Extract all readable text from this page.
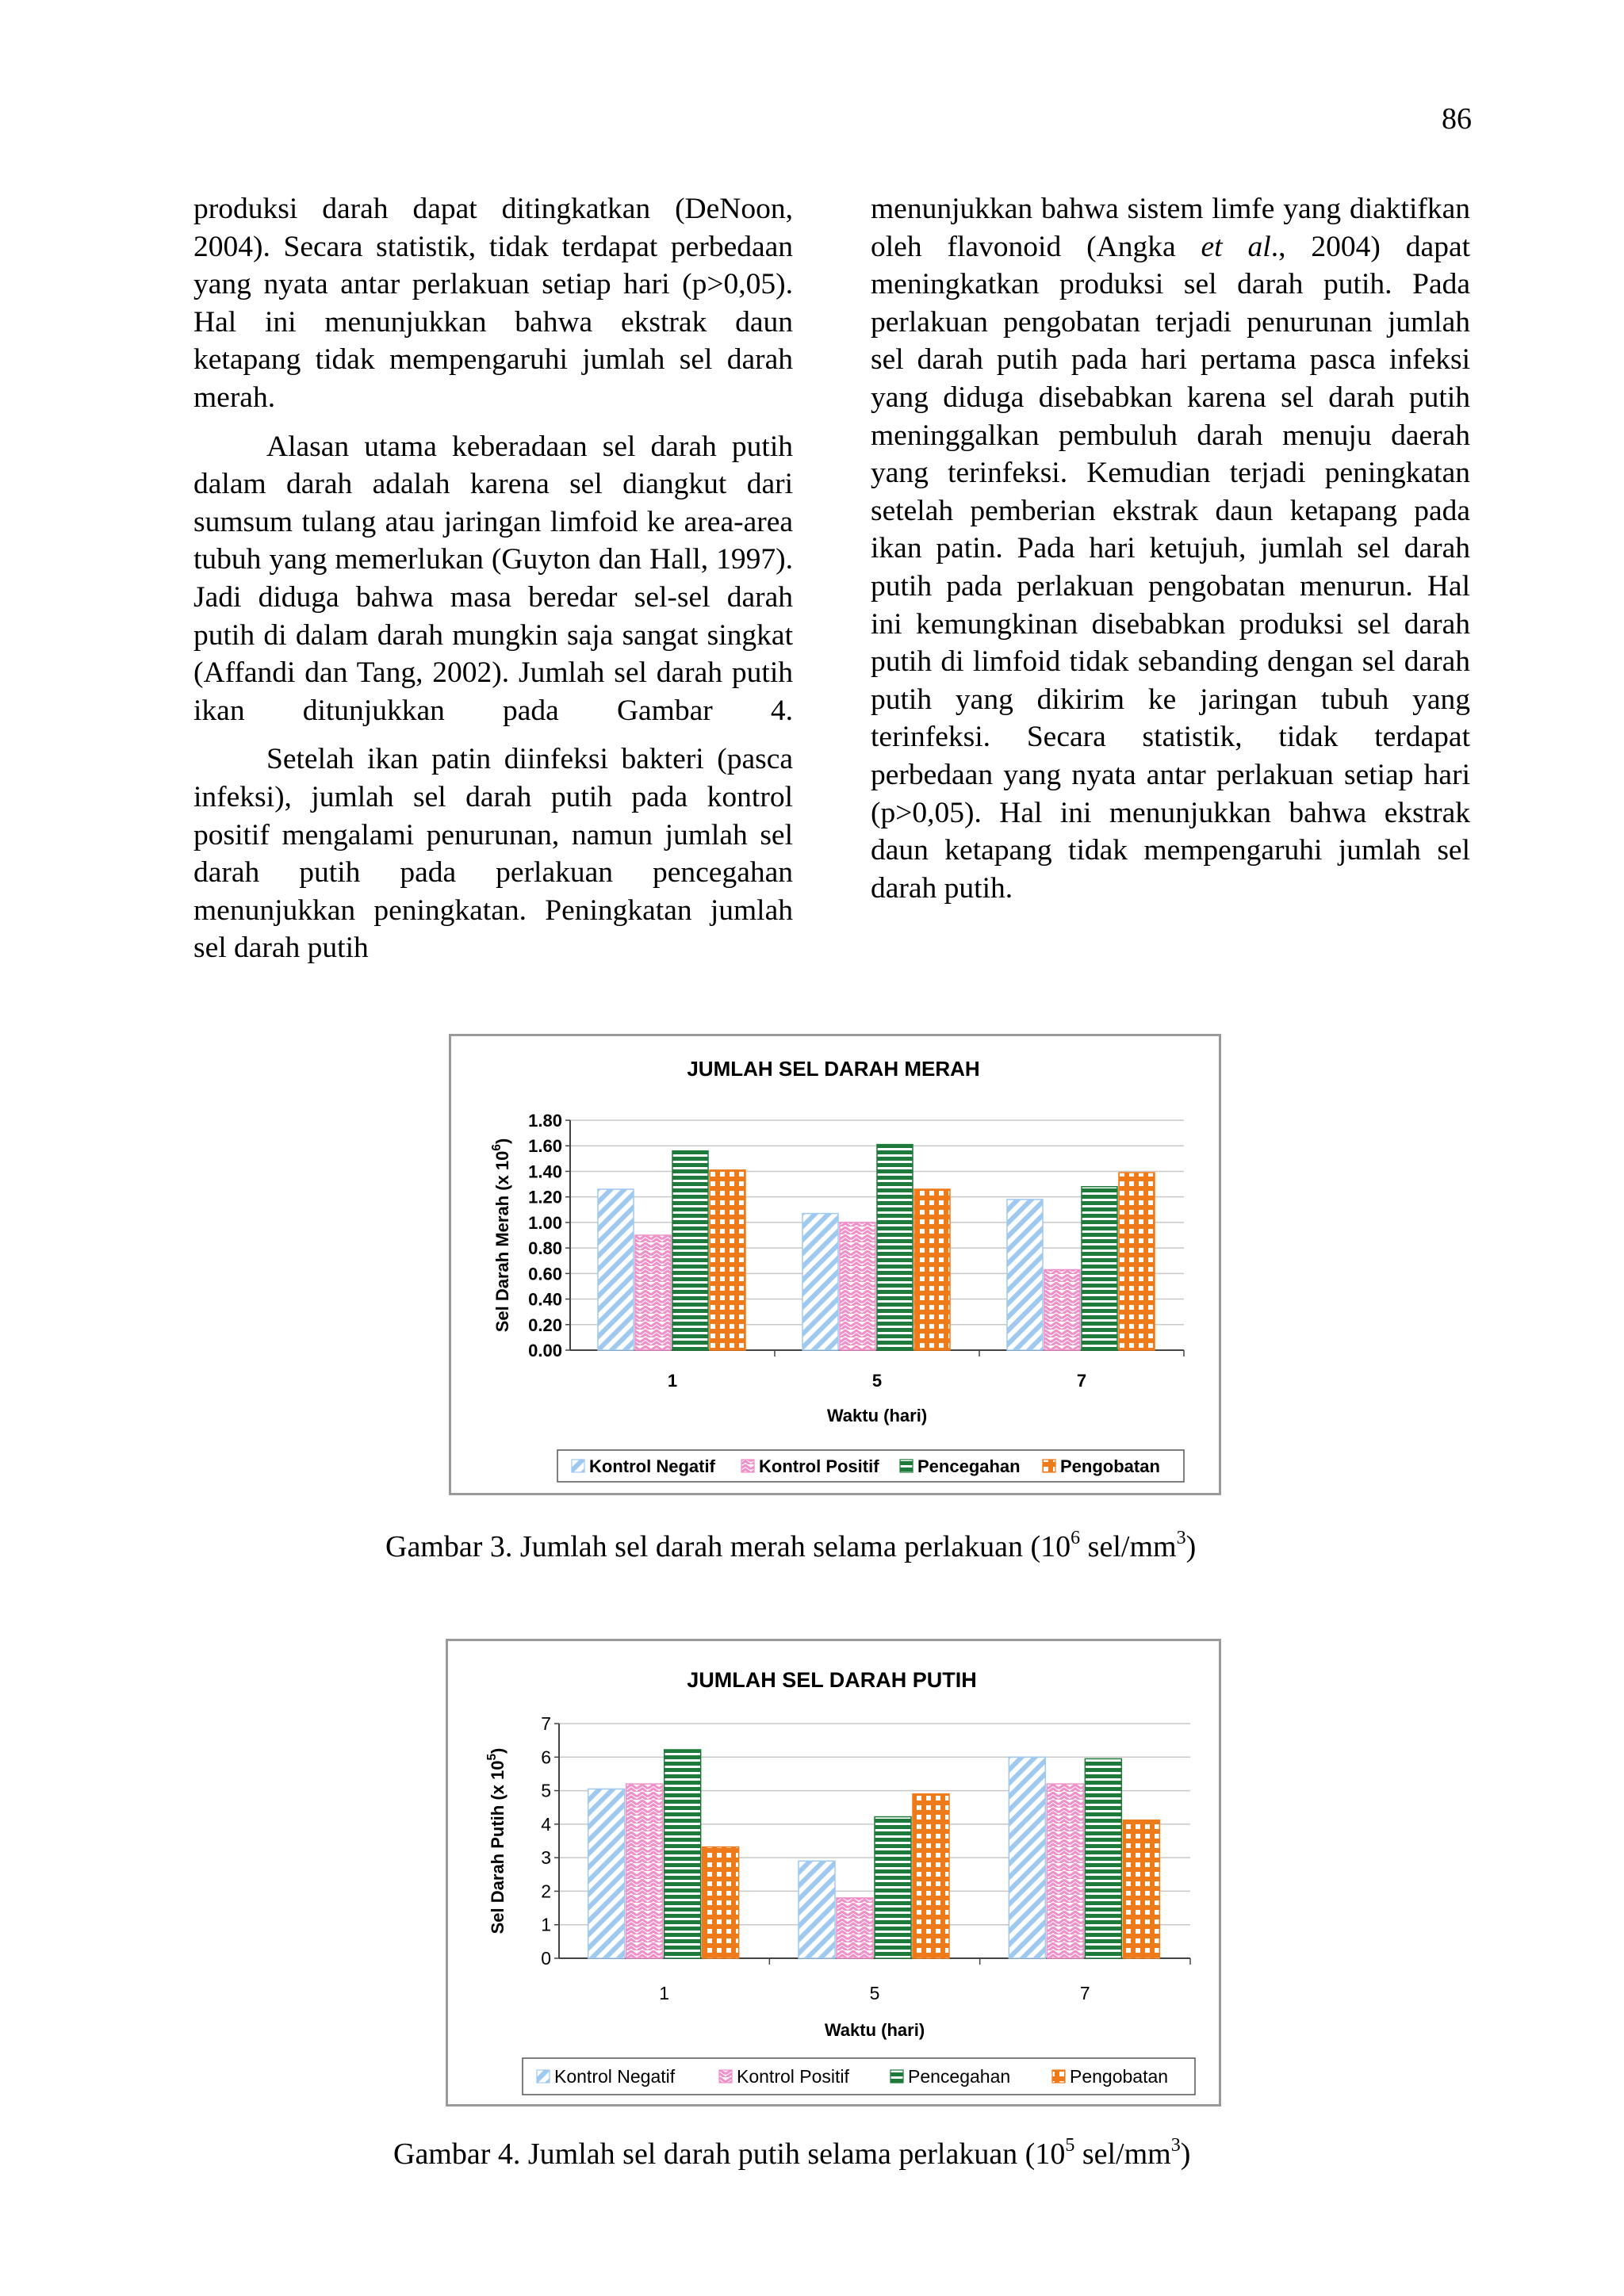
86

produksi darah dapat ditingkatkan (DeNoon, 2004). Secara statistik, tidak terdapat perbedaan yang nyata antar perlakuan setiap hari (p>0,05). Hal ini menunjukkan bahwa ekstrak daun ketapang tidak mempengaruhi jumlah sel darah merah.

Alasan utama keberadaan sel darah putih dalam darah adalah karena sel diangkut dari sumsum tulang atau jaringan limfoid ke area-area tubuh yang memerlukan (Guyton dan Hall, 1997). Jadi diduga bahwa masa beredar sel-sel darah putih di dalam darah mungkin saja sangat singkat (Affandi dan Tang, 2002). Jumlah sel darah putih ikan ditunjukkan pada Gambar 4.

Setelah ikan patin diinfeksi bakteri (pasca infeksi), jumlah sel darah putih pada kontrol positif mengalami penurunan, namun jumlah sel darah putih pada perlakuan pencegahan menunjukkan peningkatan. Peningkatan jumlah sel darah putih

menunjukkan bahwa sistem limfe yang diaktifkan oleh flavonoid (Angka et al., 2004) dapat meningkatkan produksi sel darah putih. Pada perlakuan pengobatan terjadi penurunan jumlah sel darah putih pada hari pertama pasca infeksi yang diduga disebabkan karena sel darah putih meninggalkan pembuluh darah menuju daerah yang terinfeksi. Kemudian terjadi peningkatan setelah pemberian ekstrak daun ketapang pada ikan patin. Pada hari ketujuh, jumlah sel darah putih pada perlakuan pengobatan menurun. Hal ini kemungkinan disebabkan produksi sel darah putih di limfoid tidak sebanding dengan sel darah putih yang dikirim ke jaringan tubuh yang terinfeksi. Secara statistik, tidak terdapat perbedaan yang nyata antar perlakuan setiap hari (p>0,05). Hal ini menunjukkan bahwa ekstrak daun ketapang tidak mempengaruhi jumlah sel darah putih.

JUMLAH SEL DARAH MERAH
0.00
0.20
0.40
0.60
0.80
1.00
1.20
1.40
1.60
1.80
1	5	7
Waktu (hari)
Sel Darah Merah (x $10^6$)
Kontrol Negatif	Kontrol Positif Pencegahan Pengobatan
Gambar 3. Jumlah sel darah merah selama perlakuan ($10^6$ sel/$mm^3$)
JUMLAH SEL DARAH PUTIH
0
1
2
3
4
5
6
7
1	5	7
Waktu (hari)
Sel Darah Putih (x $10^5$)
Kontrol Negatif	Kontrol Positif	Pencegahan	Pengobatan
Gambar 4. Jumlah sel darah putih selama perlakuan ($10^5$ sel/$mm^3$)
